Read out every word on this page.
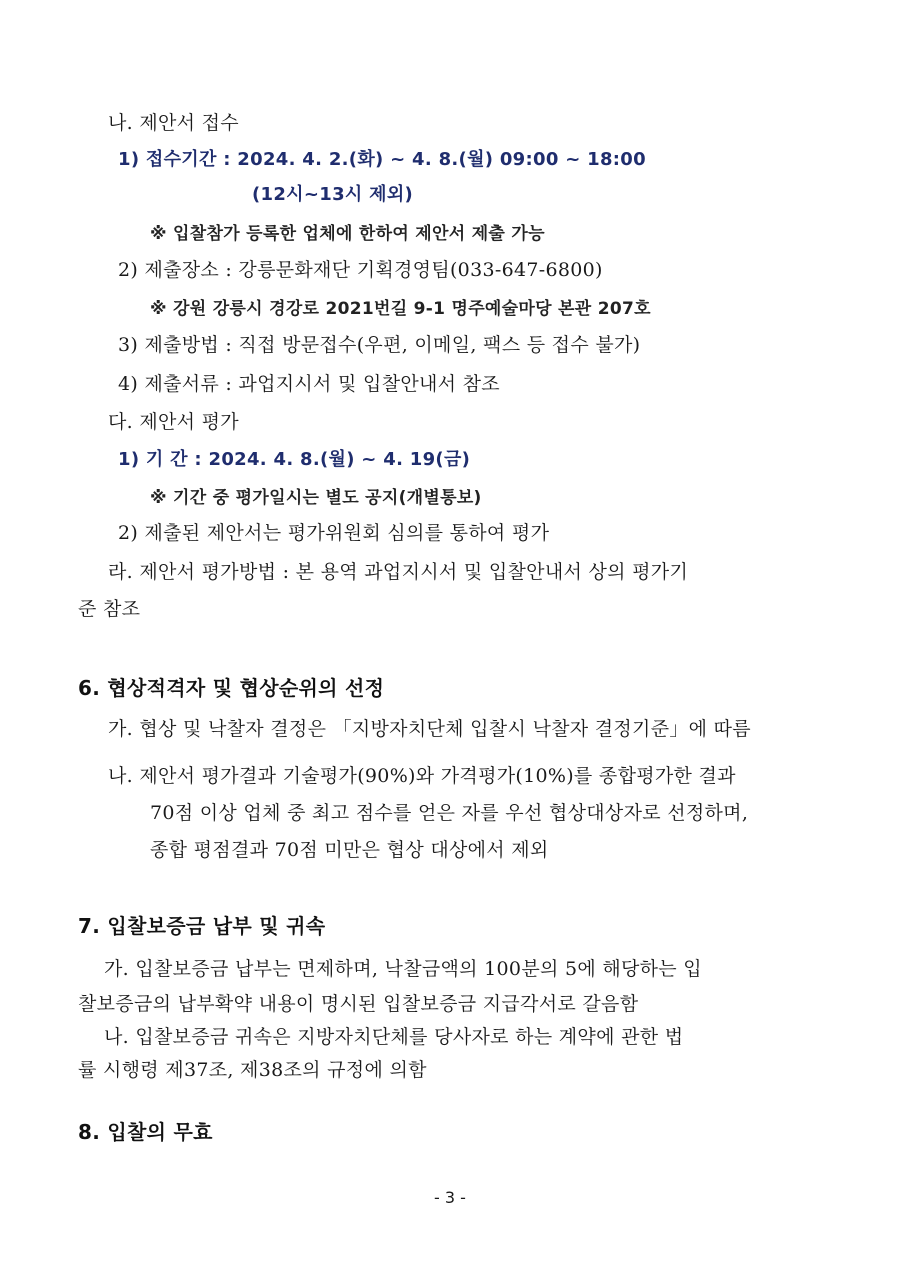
나. 제안서 접수
1) 접수기간 : 2024. 4. 2.(화) ~ 4. 8.(월) 09:00 ~ 18:00
(12시~13시 제외)
※ 입찰참가 등록한 업체에 한하여 제안서 제출 가능
2) 제출장소 : 강릉문화재단 기획경영팀(033-647-6800)
※ 강원 강릉시 경강로 2021번길 9-1 명주예술마당 본관 207호
3) 제출방법 : 직접 방문접수(우편, 이메일, 팩스 등 접수 불가)
4) 제출서류 : 과업지시서 및 입찰안내서 참조
다. 제안서 평가
1) 기 간 : 2024. 4. 8.(월) ~ 4. 19(금)
※ 기간 중 평가일시는 별도 공지(개별통보)
2) 제출된 제안서는 평가위원회 심의를 통하여 평가
라. 제안서 평가방법 : 본 용역 과업지시서 및 입찰안내서 상의 평가기
준 참조
6. 협상적격자 및 협상순위의 선정
가. 협상 및 낙찰자 결정은 「지방자치단체 입찰시 낙찰자 결정기준」에 따름
나. 제안서 평가결과 기술평가(90%)와 가격평가(10%)를 종합평가한 결과
70점 이상 업체 중 최고 점수를 얻은 자를 우선 협상대상자로 선정하며,
종합 평점결과 70점 미만은 협상 대상에서 제외
7. 입찰보증금 납부 및 귀속
가. 입찰보증금 납부는 면제하며, 낙찰금액의 100분의 5에 해당하는 입
찰보증금의 납부확약 내용이 명시된 입찰보증금 지급각서로 갈음함
나. 입찰보증금 귀속은 지방자치단체를 당사자로 하는 계약에 관한 법
률 시행령 제37조, 제38조의 규정에 의함
8. 입찰의 무효
- 3 -
